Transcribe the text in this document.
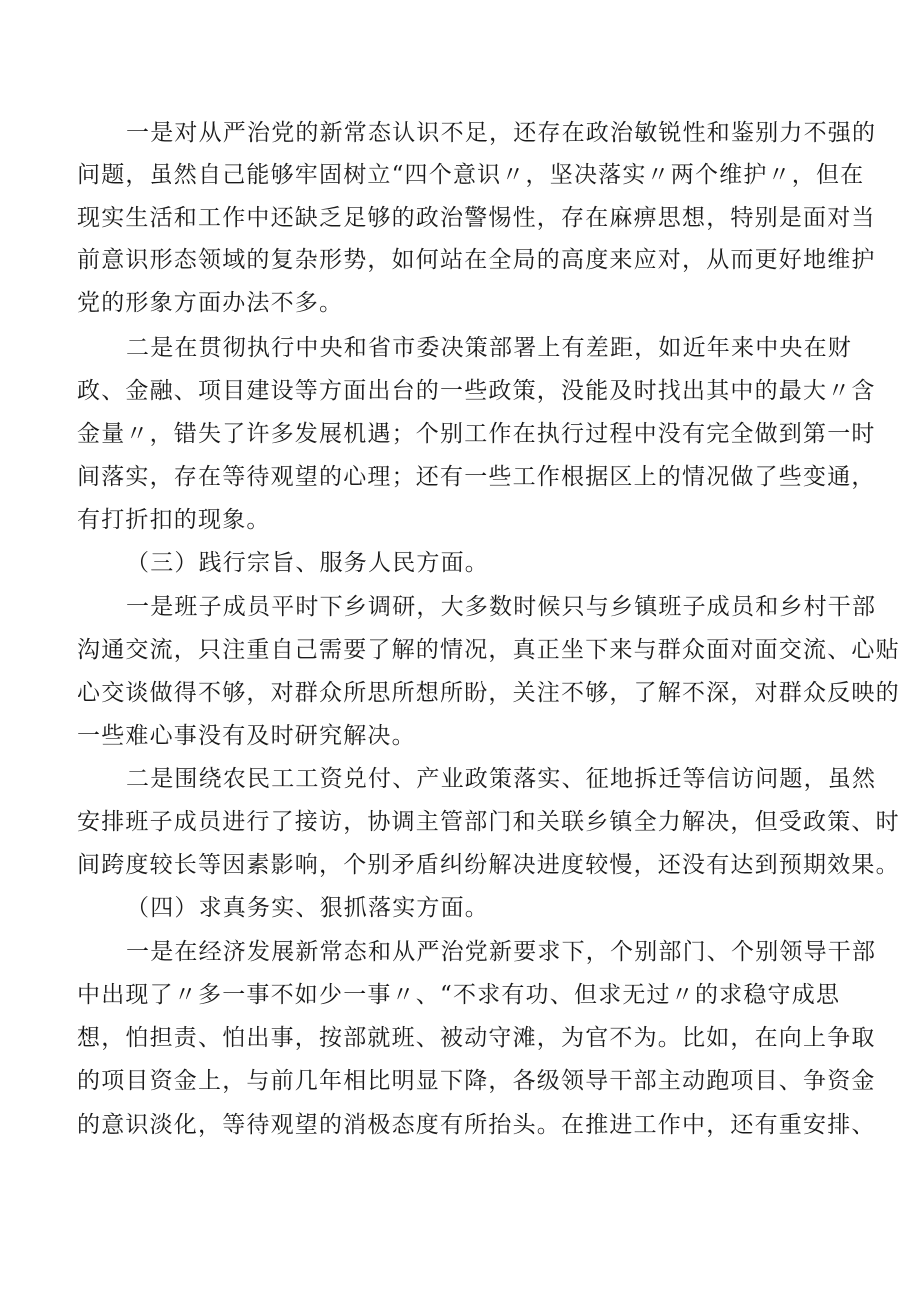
一是对从严治党的新常态认识不足，还存在政治敏锐性和鉴别力不强的
问题，虽然自己能够牢固树立“四个意识〃，坚决落实〃两个维护〃，但在
现实生活和工作中还缺乏足够的政治警惕性，存在麻痹思想，特别是面对当
前意识形态领域的复杂形势，如何站在全局的高度来应对，从而更好地维护
党的形象方面办法不多。
二是在贯彻执行中央和省市委决策部署上有差距，如近年来中央在财
政、金融、项目建设等方面出台的一些政策，没能及时找出其中的最大〃含
金量〃，错失了许多发展机遇；个别工作在执行过程中没有完全做到第一时
间落实，存在等待观望的心理；还有一些工作根据区上的情况做了些变通，
有打折扣的现象。
（三）践行宗旨、服务人民方面。
一是班子成员平时下乡调研，大多数时候只与乡镇班子成员和乡村干部
沟通交流，只注重自己需要了解的情况，真正坐下来与群众面对面交流、心贴
心交谈做得不够，对群众所思所想所盼，关注不够，了解不深，对群众反映的
一些难心事没有及时研究解决。
二是围绕农民工工资兑付、产业政策落实、征地拆迁等信访问题，虽然
安排班子成员进行了接访，协调主管部门和关联乡镇全力解决，但受政策、时
间跨度较长等因素影响，个别矛盾纠纷解决进度较慢，还没有达到预期效果。
（四）求真务实、狠抓落实方面。
一是在经济发展新常态和从严治党新要求下，个别部门、个别领导干部
中出现了〃多一事不如少一事〃、“不求有功、但求无过〃的求稳守成思
想，怕担责、怕出事，按部就班、被动守滩，为官不为。比如，在向上争取
的项目资金上，与前几年相比明显下降，各级领导干部主动跑项目、争资金
的意识淡化，等待观望的消极态度有所抬头。在推进工作中，还有重安排、
